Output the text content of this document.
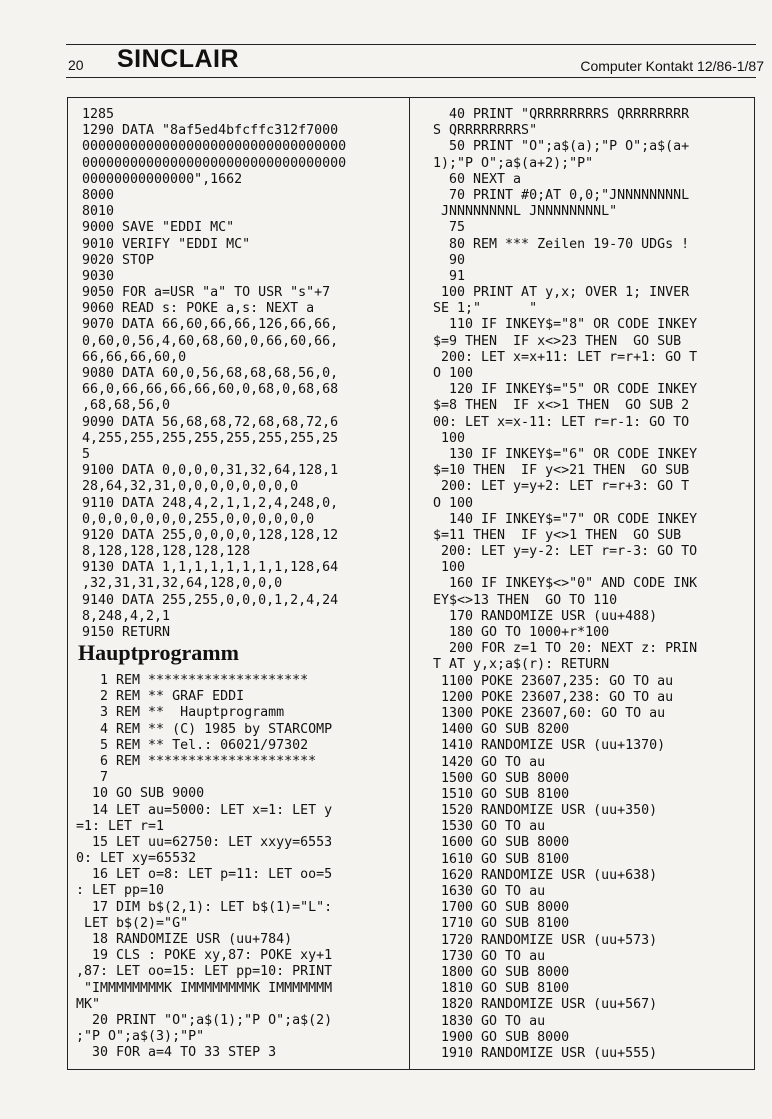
20 SINCLAIR	Computer Kontakt 12/86-1/87
1285
1290 DATA "8af5ed4bfcffc312f7000
000000000000000000000000000000000
000000000000000000000000000000000
00000000000000",1662
8000
8010
9000 SAVE "EDDI MC"
9010 VERIFY "EDDI MC"
9020 STOP
9030
9050 FOR a=USR "a" TO USR "s"+7
9060 READ s: POKE a,s: NEXT a
9070 DATA 66,60,66,66,126,66,66,
0,60,0,56,4,60,68,60,0,66,60,66,
66,66,66,60,0
9080 DATA 60,0,56,68,68,68,56,0,
66,0,66,66,66,66,60,0,68,0,68,68
,68,68,56,0
9090 DATA 56,68,68,72,68,68,72,6
4,255,255,255,255,255,255,255,25
5
9100 DATA 0,0,0,0,31,32,64,128,1
28,64,32,31,0,0,0,0,0,0,0,0
9110 DATA 248,4,2,1,1,2,4,248,0,
0,0,0,0,0,0,0,255,0,0,0,0,0,0
9120 DATA 255,0,0,0,0,128,128,12
8,128,128,128,128,128
9130 DATA 1,1,1,1,1,1,1,1,128,64
,32,31,31,32,64,128,0,0,0
9140 DATA 255,255,0,0,0,1,2,4,24
8,248,4,2,1
9150 RETURN
Hauptprogramm
1 REM ********************
2 REM ** GRAF EDDI
3 REM **  Hauptprogramm
4 REM ** (C) 1985 by STARCOMP
5 REM ** Tel.: 06021/97302
6 REM *********************
7
10 GO SUB 9000
14 LET au=5000: LET x=1: LET y
=1: LET r=1
15 LET uu=62750: LET xxyy=6553
0: LET xy=65532
16 LET o=8: LET p=11: LET oo=5
: LET pp=10
17 DIM b$(2,1): LET b$(1)="L":
LET b$(2)="G"
18 RANDOMIZE USR (uu+784)
19 CLS : POKE xy,87: POKE xy+1
,87: LET oo=15: LET pp=10: PRINT
"IMMMMMMMMK IMMMMMMMMK IMMMMMMM
MK"
20 PRINT "O";a$(1);"P O";a$(2)
;"P O";a$(3);"P"
30 FOR a=4 TO 33 STEP 3
40 PRINT "QRRRRRRRRS QRRRRRRRR
S QRRRRRRRRS"
50 PRINT "O";a$(a);"P O";a$(a+
1);"P O";a$(a+2);"P"
60 NEXT a
70 PRINT #0;AT 0,0;"JNNNNNNNNL
JNNNNNNNNL JNNNNNNNNL"
75
80 REM *** Zeilen 19-70 UDGs !
90
91
100 PRINT AT y,x; OVER 1; INVER
SE 1;"      "
110 IF INKEY$="8" OR CODE INKEY
$=9 THEN  IF x<>23 THEN  GO SUB
200: LET x=x+11: LET r=r+1: GO T
O 100
120 IF INKEY$="5" OR CODE INKEY
$=8 THEN  IF x<>1 THEN  GO SUB 2
00: LET x=x-11: LET r=r-1: GO TO
100
130 IF INKEY$="6" OR CODE INKEY
$=10 THEN  IF y<>21 THEN  GO SUB
200: LET y=y+2: LET r=r+3: GO T
O 100
140 IF INKEY$="7" OR CODE INKEY
$=11 THEN  IF y<>1 THEN  GO SUB
200: LET y=y-2: LET r=r-3: GO TO
100
160 IF INKEY$<>"0" AND CODE INK
EY$<>13 THEN  GO TO 110
170 RANDOMIZE USR (uu+488)
180 GO TO 1000+r*100
200 FOR z=1 TO 20: NEXT z: PRIN
T AT y,x;a$(r): RETURN
1100 POKE 23607,235: GO TO au
1200 POKE 23607,238: GO TO au
1300 POKE 23607,60: GO TO au
1400 GO SUB 8200
1410 RANDOMIZE USR (uu+1370)
1420 GO TO au
1500 GO SUB 8000
1510 GO SUB 8100
1520 RANDOMIZE USR (uu+350)
1530 GO TO au
1600 GO SUB 8000
1610 GO SUB 8100
1620 RANDOMIZE USR (uu+638)
1630 GO TO au
1700 GO SUB 8000
1710 GO SUB 8100
1720 RANDOMIZE USR (uu+573)
1730 GO TO au
1800 GO SUB 8000
1810 GO SUB 8100
1820 RANDOMIZE USR (uu+567)
1830 GO TO au
1900 GO SUB 8000
1910 RANDOMIZE USR (uu+555)
